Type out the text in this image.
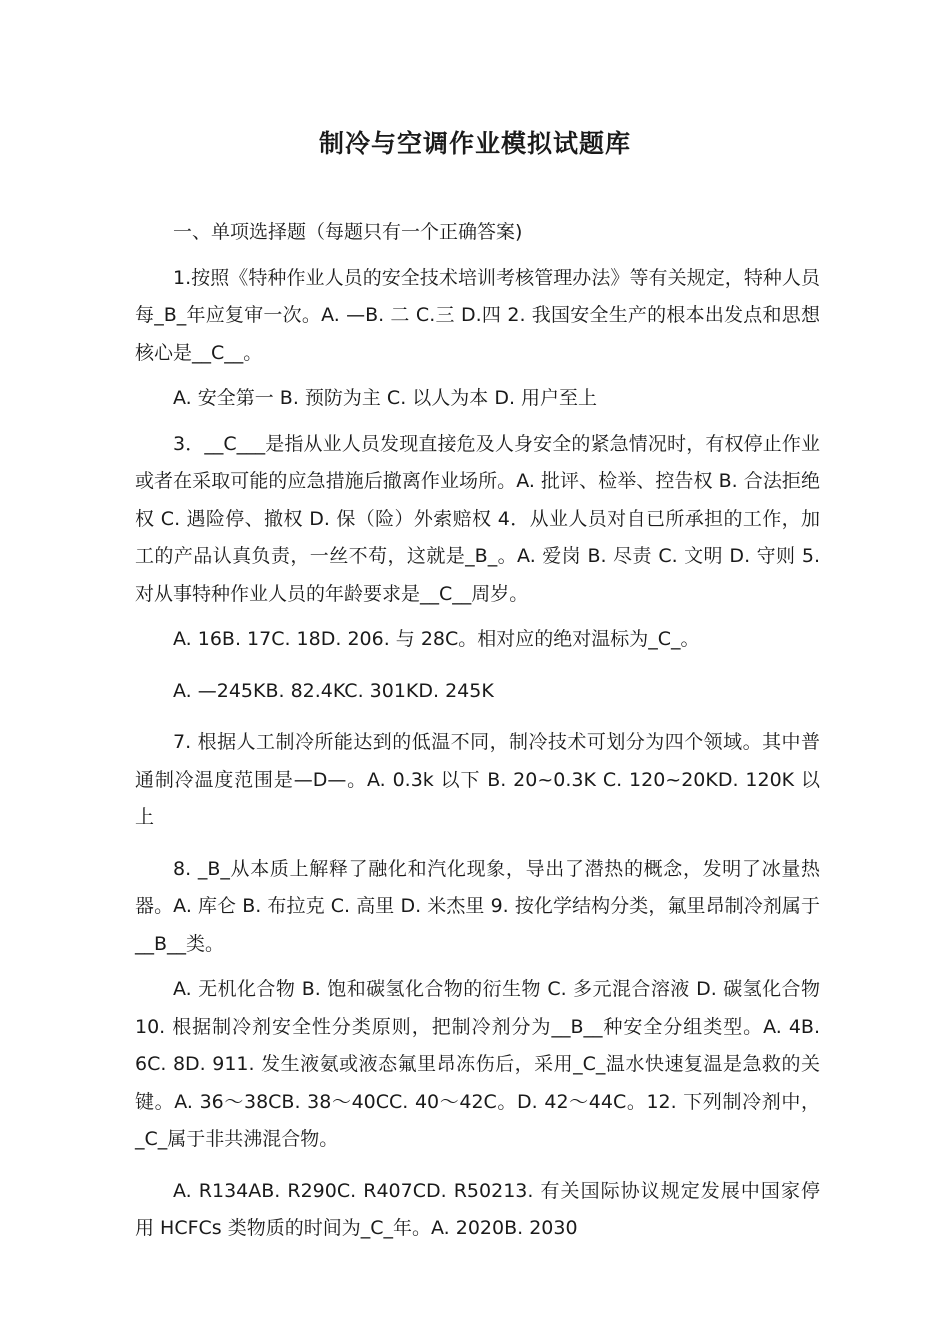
制冷与空调作业模拟试题库

一、单项选择题（每题只有一个正确答案)

1.按照《特种作业人员的安全技术培训考核管理办法》等有关规定，特种人员每_B_年应复审一次。A. —B. 二 C.三 D.四 2. 我国安全生产的根本出发点和思想核心是__C__。

A. 安全第一 B. 预防为主 C. 以人为本 D. 用户至上

3．__C___是指从业人员发现直接危及人身安全的紧急情况时，有权停止作业或者在采取可能的应急措施后撤离作业场所。A. 批评、检举、控告权 B. 合法拒绝权 C. 遇险停、撤权 D. 保（险）外索赔权 4．从业人员对自已所承担的工作，加工的产品认真负责，一丝不苟，这就是_B_。A. 爱岗 B. 尽责 C. 文明 D. 守则 5. 对从事特种作业人员的年龄要求是__C__周岁。

A. 16B. 17C. 18D. 206. 与 28C。相对应的绝对温标为_C_。

A. —245KB. 82.4KC. 301KD. 245K

7. 根据人工制冷所能达到的低温不同，制冷技术可划分为四个领域。其中普通制冷温度范围是—D—。A. 0.3k 以下 B. 20~0.3K C. 120~20KD. 120K 以上

8. _B_从本质上解释了融化和汽化现象，导出了潜热的概念，发明了冰量热器。A. 库仑 B. 布拉克 C. 高里 D. 米杰里 9. 按化学结构分类，氟里昂制冷剂属于__B__类。

A. 无机化合物 B. 饱和碳氢化合物的衍生物 C. 多元混合溶液 D. 碳氢化合物 10. 根据制冷剂安全性分类原则，把制冷剂分为__B__种安全分组类型。A. 4B. 6C. 8D. 911. 发生液氨或液态氟里昂冻伤后，采用_C_温水快速复温是急救的关键。A. 36～38CB. 38～40CC. 40～42C。D. 42～44C。12. 下列制冷剂中，_C_属于非共沸混合物。

A. R134AB. R290C. R407CD. R50213. 有关国际协议规定发展中国家停用 HCFCs 类物质的时间为_C_年。A. 2020B. 2030
